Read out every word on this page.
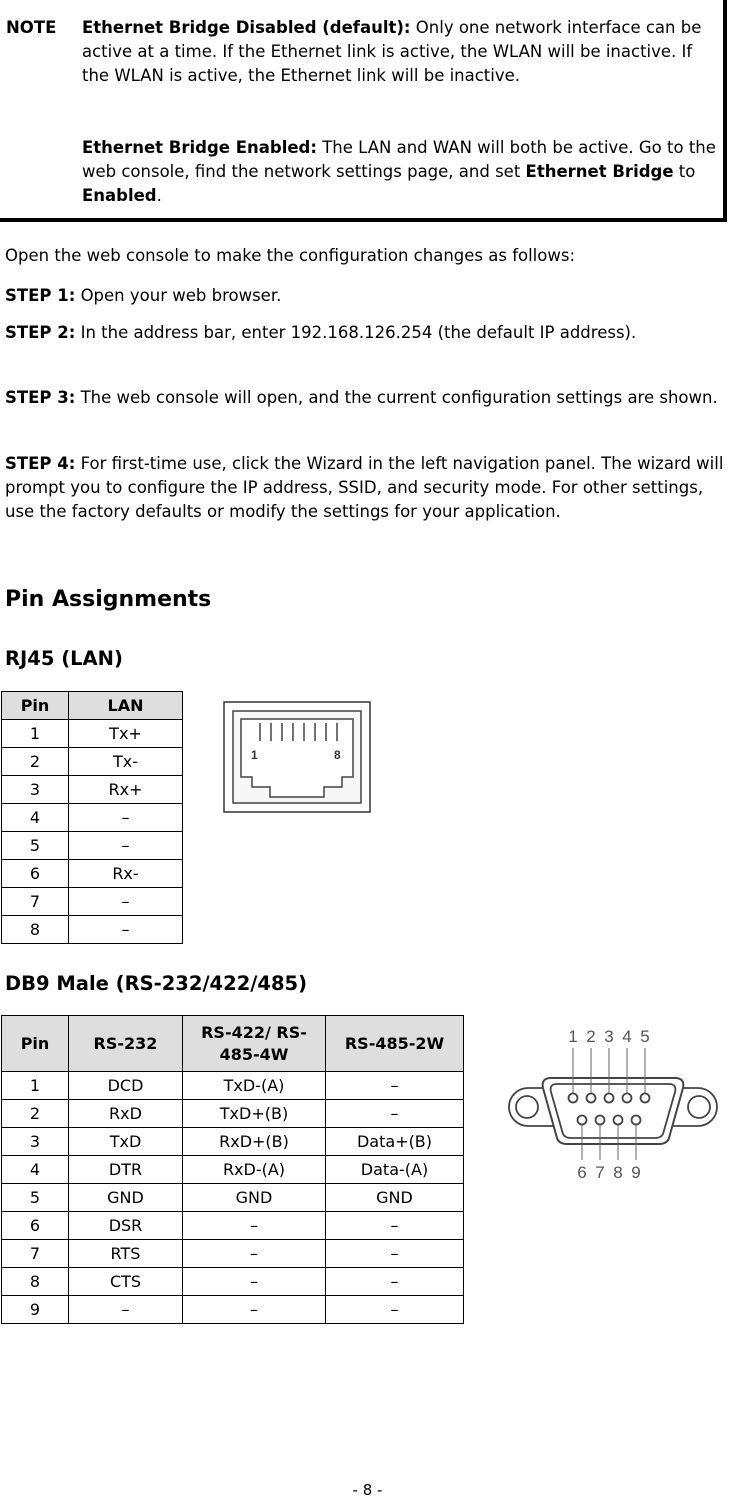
NOTE Ethernet Bridge Disabled (default): Only one network interface can be active at a time. If the Ethernet link is active, the WLAN will be inactive. If the WLAN is active, the Ethernet link will be inactive.

Ethernet Bridge Enabled: The LAN and WAN will both be active. Go to the web console, find the network settings page, and set Ethernet Bridge to Enabled.

Open the web console to make the configuration changes as follows:

STEP 1: Open your web browser.

STEP 2: In the address bar, enter 192.168.126.254 (the default IP address).

STEP 3: The web console will open, and the current configuration settings are shown.

STEP 4: For first-time use, click the Wizard in the left navigation panel. The wizard will prompt you to configure the IP address, SSID, and security mode. For other settings, use the factory defaults or modify the settings for your application.

Pin Assignments
RJ45 (LAN)
Pin	LAN
1	Tx+
2	Tx-
3	Rx+
4	–
5	–
6	Rx-
7	–
8	–
1	8
DB9 Male (RS-232/422/485)
Pin	RS-232	RS-422/ RS-485-4W	RS-485-2W
1	DCD	TxD-(A)	–
2	RxD	TxD+(B)	–
3	TxD	RxD+(B)	Data+(B)
4	DTR	RxD-(A)	Data-(A)
5	GND	GND	GND
6	DSR	–	–
7	RTS	–	–
8	CTS	–	–
9	–	–	–
1 2 3 4 5
6 7 8 9
- 8 -
